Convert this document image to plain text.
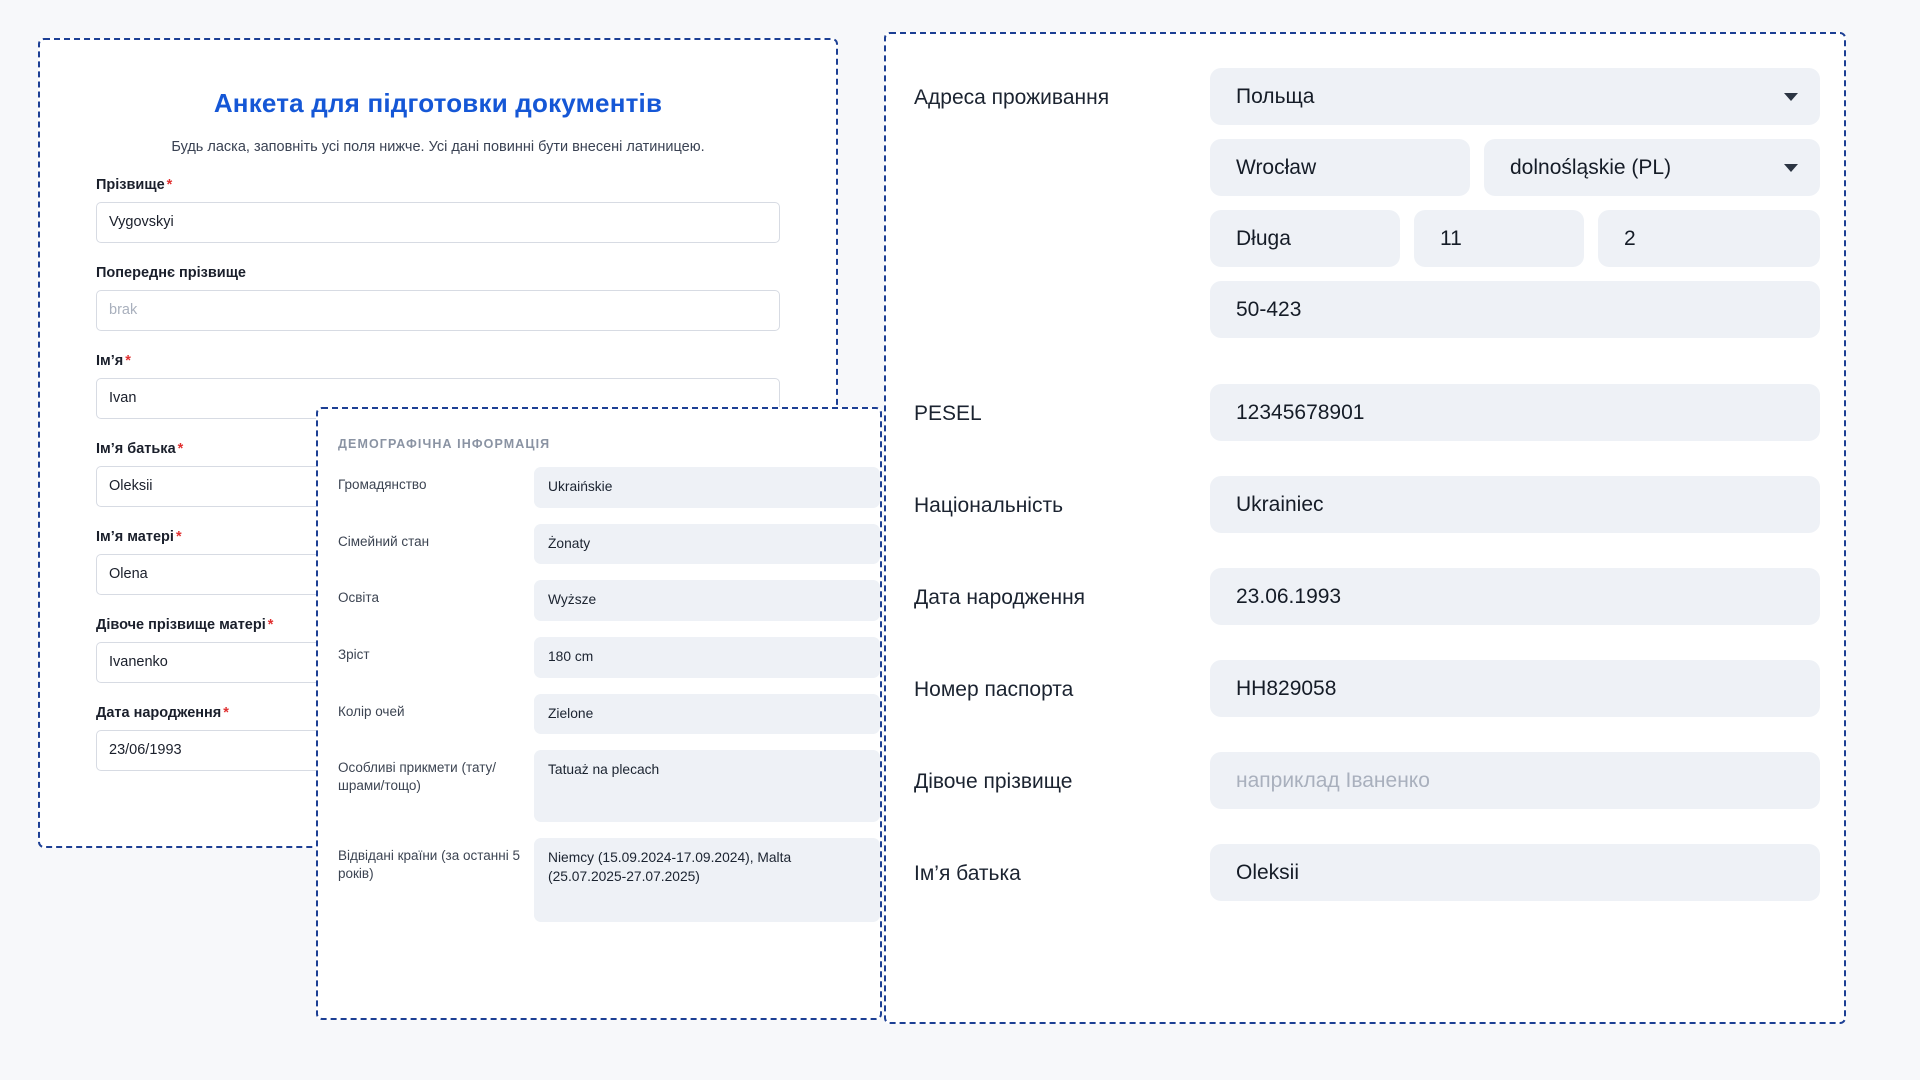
Анкета для підготовки документів
Будь ласка, заповніть усі поля нижче. Усі дані повинні бути внесені латиницею.
Прізвище *
Vygovskyi
Попереднє прізвище
brak
Ім’я *
Ivan
Ім’я батька *
Oleksii
Ім’я матері *
Olena
Дівоче прізвище матері *
Ivanenko
Дата народження *
23/06/1993
ДЕМОГРАФІЧНА ІНФОРМАЦІЯ
Громадянство	Ukraińskie
Сімейний стан	Żonaty
Освіта	Wyższe
Зріст	180 cm
Колір очей	Zielone
Особливі прикмети (тату/шрами/тощо)
Tatuaż na plecach
Відвідані країни (за останні 5 років)
Niemcy (15.09.2024-17.09.2024), Malta (25.07.2025-27.07.2025)
Адреса проживання	Польща
Wrocław	dolnośląskie (PL)
Długa	11	2
50-423
PESEL	12345678901
Національність	Ukrainiec
Дата народження	23.06.1993
Номер паспорта	HH829058
Дівоче прізвище	наприклад Іваненко
Ім’я батька	Oleksii
